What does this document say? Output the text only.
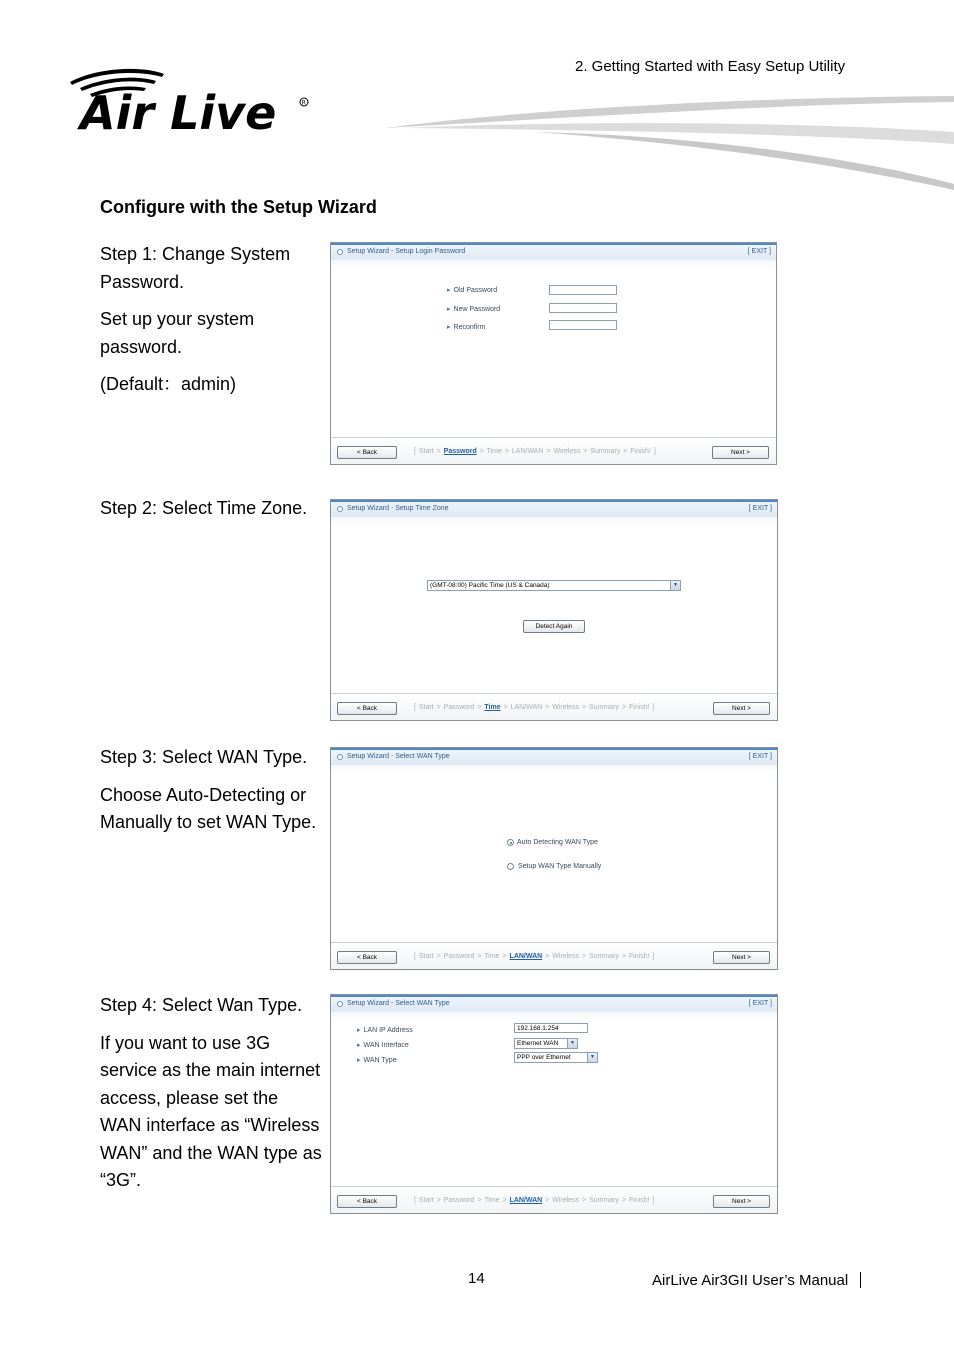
2. Getting Started with Easy Setup Utility
Air Live	R
Configure with the Setup Wizard

Step 1: Change System Password.

Set up your system password.

(Default：admin)

Step 2: Select Time Zone.

Step 3: Select WAN Type.

Choose Auto-Detecting or Manually to set WAN Type.

Step 4: Select Wan Type.

If you want to use 3G service as the main internet access, please set the WAN interface as “Wireless WAN” and the WAN type as “3G”.

Setup Wizard - Setup Login Password	[ EXIT ]
▸ Old Password
▸ New Password
▸ Reconfirm
< Back	[ Start > Password > Time > LAN/WAN > Wireless > Summary > Finish! ]	Next >
Setup Wizard - Setup Time Zone	[ EXIT ]
(GMT-08:00) Pacific Time (US & Canada)	▼
Detect Again
< Back	[ Start > Password > Time > LAN/WAN > Wireless > Summary > Finish! ]	Next >
Setup Wizard - Select WAN Type	[ EXIT ]
Auto Detecting WAN Type
Setup WAN Type Manually
< Back	[ Start > Password > Time > LAN/WAN > Wireless > Summary > Finish! ]	Next >
Setup Wizard - Select WAN Type	[ EXIT ]
▸ LAN IP Address	192.168.1.254
▸ WAN Interface	Ethernet WAN	▼
▸ WAN Type	PPP over Ethernet	▼
< Back	[ Start > Password > Time > LAN/WAN > Wireless > Summary > Finish! ]	Next >
14	AirLive Air3GII User’s Manual
